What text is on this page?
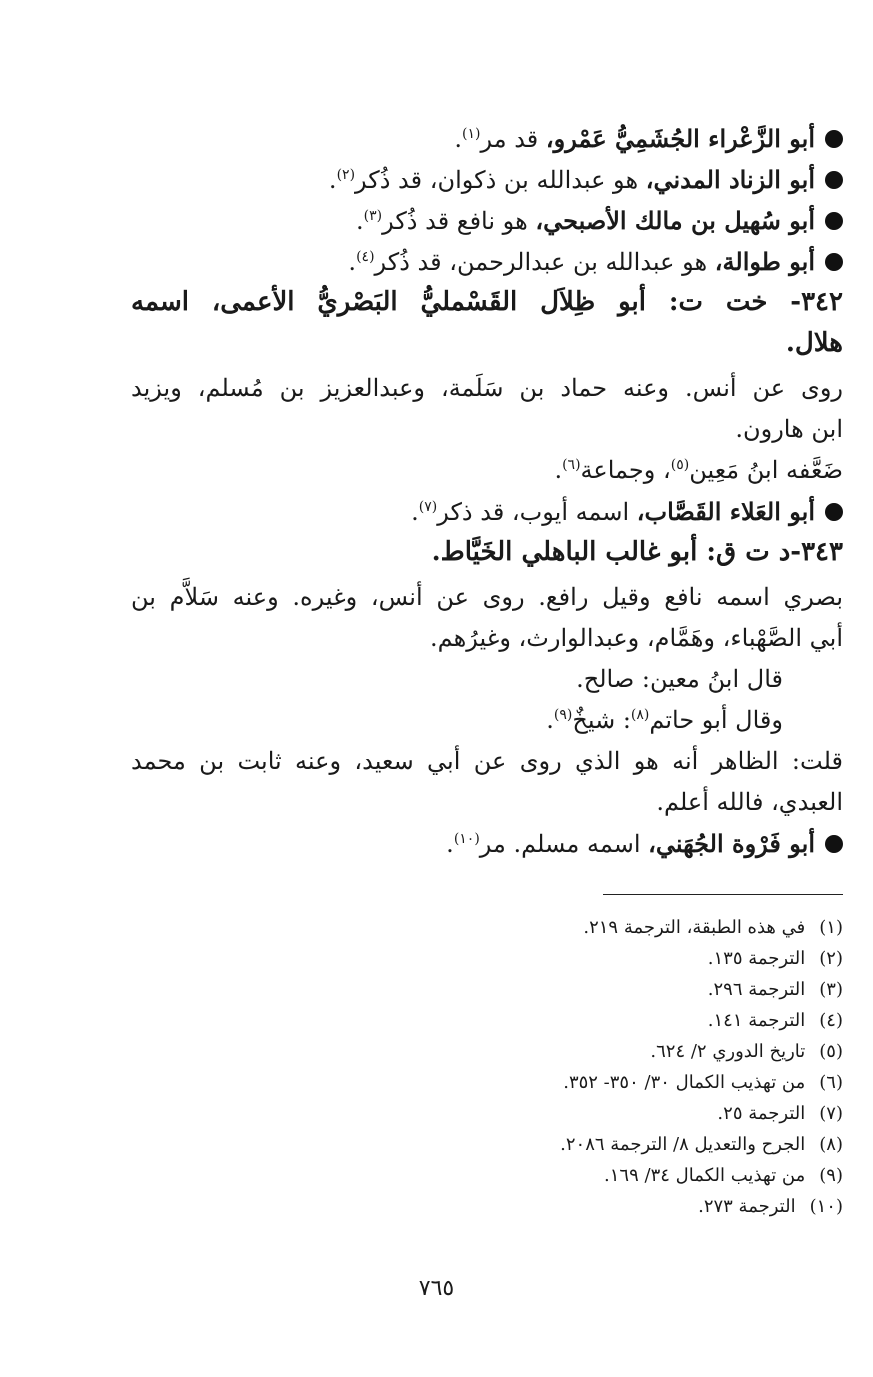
أبو الزَّعْراء الجُشَمِيُّ عَمْرو، قد مر$^{(١)}$.
أبو الزناد المدني، هو عبدالله بن ذكوان، قد ذُكر$^{(٢)}$.
أبو سُهيل بن مالك الأصبحي، هو نافع قد ذُكر$^{(٣)}$.
أبو طوالة، هو عبدالله بن عبدالرحمن، قد ذُكر$^{(٤)}$.
٣٤٢- خت ت: أبو ظِلاَل القَسْمليُّ البَصْريُّ الأعمى، اسمه
هلال.
روى عن أنس. وعنه حماد بن سَلَمة، وعبدالعزيز بن مُسلم، ويزيد
ابن هارون.
ضَعَّفه ابنُ مَعِين$^{(٥)}$، وجماعة$^{(٦)}$.
أبو العَلاء القَصَّاب، اسمه أيوب، قد ذكر$^{(٧)}$.
٣٤٣-د ت ق: أبو غالب الباهلي الخَيَّاط.
بصري اسمه نافع وقيل رافع. روى عن أنس، وغيره. وعنه سَلاَّم بن
أبي الصَّهْباء، وهَمَّام، وعبدالوارث، وغيرُهم.
قال ابنُ معين: صالح.
وقال أبو حاتم$^{(٨)}$: شيخٌ$^{(٩)}$.
قلت: الظاهر أنه هو الذي روى عن أبي سعيد، وعنه ثابت بن محمد
العبدي، فالله أعلم.
أبو فَرْوة الجُهَني، اسمه مسلم. مر$^{(١٠)}$.
(١)في هذه الطبقة، الترجمة ٢١٩.
(٢)الترجمة ١٣٥.
(٣)الترجمة ٢٩٦.
(٤)الترجمة ١٤١.
(٥)تاريخ الدوري ٢/ ٦٢٤.
(٦)من تهذيب الكمال ٣٠/ ٣٥٠- ٣٥٢.
(٧)الترجمة ٢٥.
(٨)الجرح والتعديل ٨/ الترجمة ٢٠٨٦.
(٩)من تهذيب الكمال ٣٤/ ١٦٩.
(١٠)الترجمة ٢٧٣.
٧٦٥
